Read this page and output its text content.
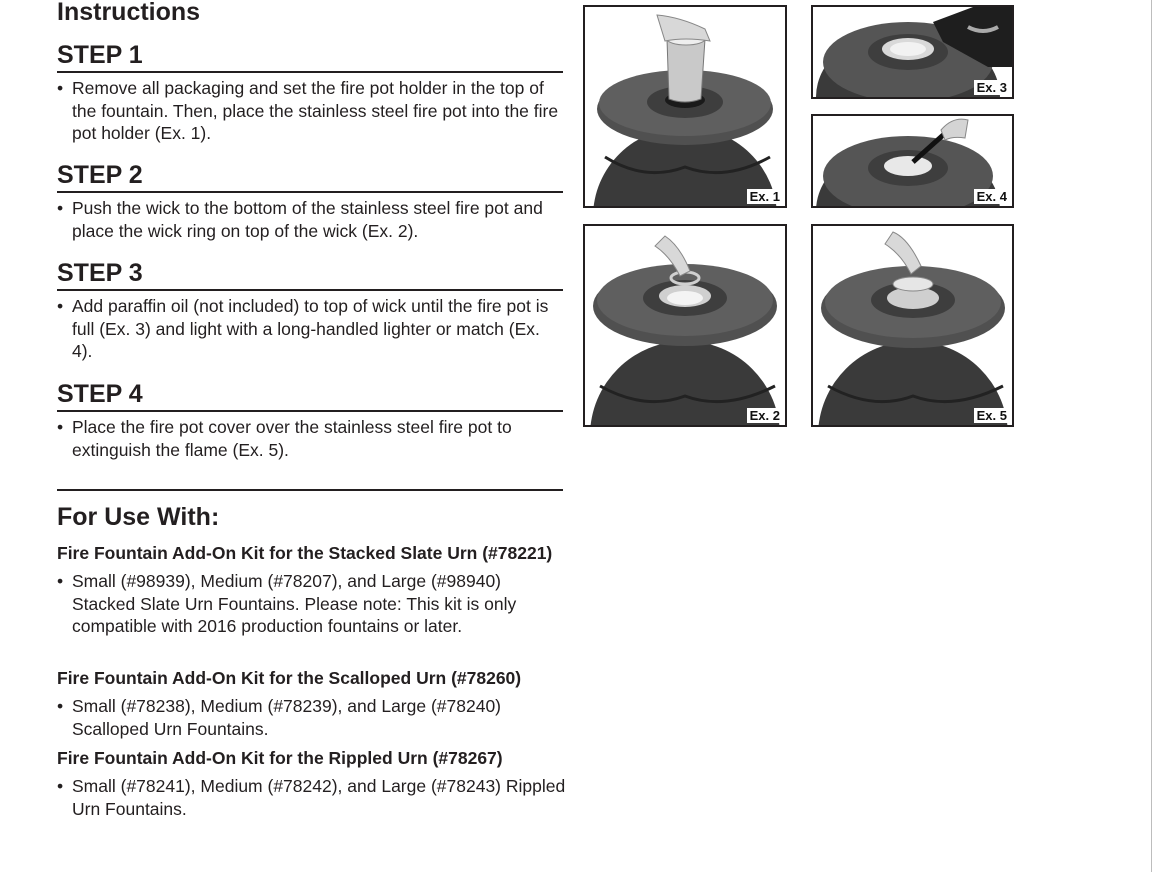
Instructions
STEP 1

• Remove all packaging and set the fire pot holder in the top of the fountain. Then, place the stainless steel fire pot into the fire pot holder (Ex. 1).

STEP 2

• Push the wick to the bottom of the stainless steel fire pot and place the wick ring on top of the wick (Ex. 2).

STEP 3

• Add paraffin oil (not included) to top of wick until the fire pot is full (Ex. 3) and light with a long-handled lighter or match (Ex. 4).

STEP 4

• Place the fire pot cover over the stainless steel fire pot to extinguish the flame (Ex. 5).

For Use With:
Fire Fountain Add-On Kit for the Stacked Slate Urn (#78221)

• Small (#98939), Medium (#78207), and Large (#98940) Stacked Slate Urn Fountains. Please note: This kit is only compatible with 2016 production fountains or later.

Fire Fountain Add-On Kit for the Scalloped Urn (#78260)

• Small (#78238), Medium (#78239), and Large (#78240) Scalloped Urn Fountains.

Fire Fountain Add-On Kit for the Rippled Urn (#78267)

• Small (#78241), Medium (#78242), and Large (#78243) Rippled Urn Fountains.

Ex. 1
Ex. 3
Ex. 4
Ex. 2	Ex. 5
